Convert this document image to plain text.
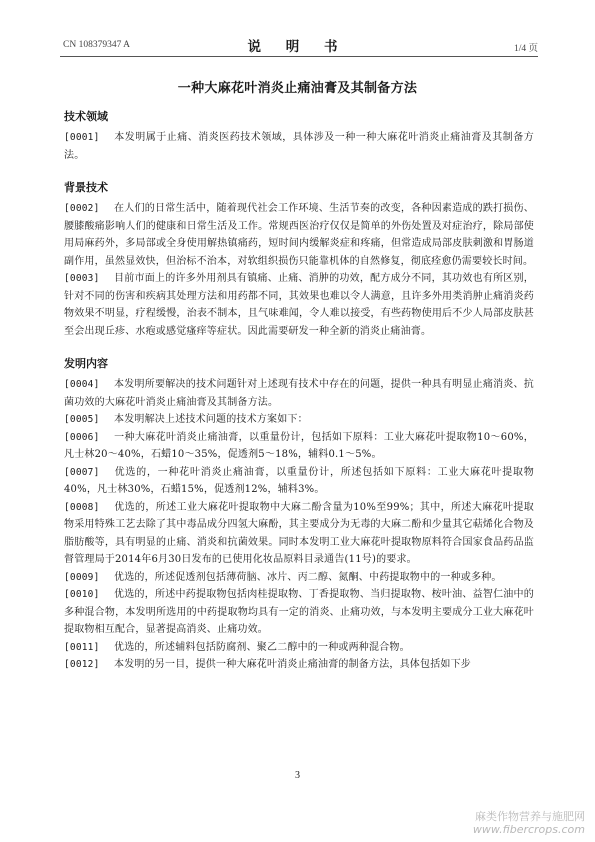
CN 108379347 A	说 明 书	1/4 页
一种大麻花叶消炎止痛油膏及其制备方法
技术领域

[0001] 本发明属于止痛、消炎医药技术领域，具体涉及一种一种大麻花叶消炎止痛油膏及其制备方法。

背景技术

[0002] 在人们的日常生活中，随着现代社会工作环境、生活节奏的改变，各种因素造成的跌打损伤、腰膝酸痛影响人们的健康和日常生活及工作。常规西医治疗仅仅是简单的外伤处置及对症治疗，除局部使用局麻药外，多局部或全身使用解热镇痛药，短时间内缓解炎症和疼痛，但常造成局部皮肤刺激和胃肠道副作用，虽然显效快，但治标不治本，对软组织损伤只能靠机体的自然修复，彻底痊愈仍需要较长时间。

[0003] 目前市面上的许多外用剂具有镇痛、止痛、消肿的功效，配方成分不同，其功效也有所区别，针对不同的伤害和疾病其处理方法和用药都不同，其效果也难以令人满意，且许多外用类消肿止痛消炎药物效果不明显，疗程缓慢，治表不制本，且气味难闻，令人难以接受，有些药物使用后不少人局部皮肤甚至会出现丘疹、水疱或感觉瘙痒等症状。因此需要研发一种全新的消炎止痛油膏。

发明内容

[0004] 本发明所要解决的技术问题针对上述现有技术中存在的问题，提供一种具有明显止痛消炎、抗菌功效的大麻花叶消炎止痛油膏及其制备方法。

[0005] 本发明解决上述技术问题的技术方案如下：

[0006] 一种大麻花叶消炎止痛油膏，以重量份计，包括如下原料：工业大麻花叶提取物10～60%，凡士林20～40%，石蜡10～35%，促透剂5～18%，辅料0.1～5%。

[0007] 优选的，一种花叶消炎止痛油膏，以重量份计，所述包括如下原料：工业大麻花叶提取物40%，凡士林30%，石蜡15%，促透剂12%，辅料3%。

[0008] 优选的，所述工业大麻花叶提取物中大麻二酚含量为10%至99%；其中，所述大麻花叶提取物采用特殊工艺去除了其中毒品成分四氢大麻酚，其主要成分为无毒的大麻二酚和少量其它萜烯化合物及脂肪酸等，具有明显的止痛、消炎和抗菌效果。同时本发明工业大麻花叶提取物原料符合国家食品药品监督管理局于2014年6月30日发布的已使用化妆品原料目录通告(11号)的要求。

[0009] 优选的，所述促透剂包括薄荷脑、冰片、丙二醇、氮酮、中药提取物中的一种或多种。

[0010] 优选的，所述中药提取物包括肉桂提取物、丁香提取物、当归提取物、桉叶油、益智仁油中的多种混合物，本发明所选用的中药提取物均具有一定的消炎、止痛功效，与本发明主要成分工业大麻花叶提取物相互配合，显著提高消炎、止痛功效。

[0011] 优选的，所述辅料包括防腐剂、聚乙二醇中的一种或两种混合物。

[0012] 本发明的另一目，提供一种大麻花叶消炎止痛油膏的制备方法，具体包括如下步

3
麻类作物营养与施肥网
www.fibercrops.com
